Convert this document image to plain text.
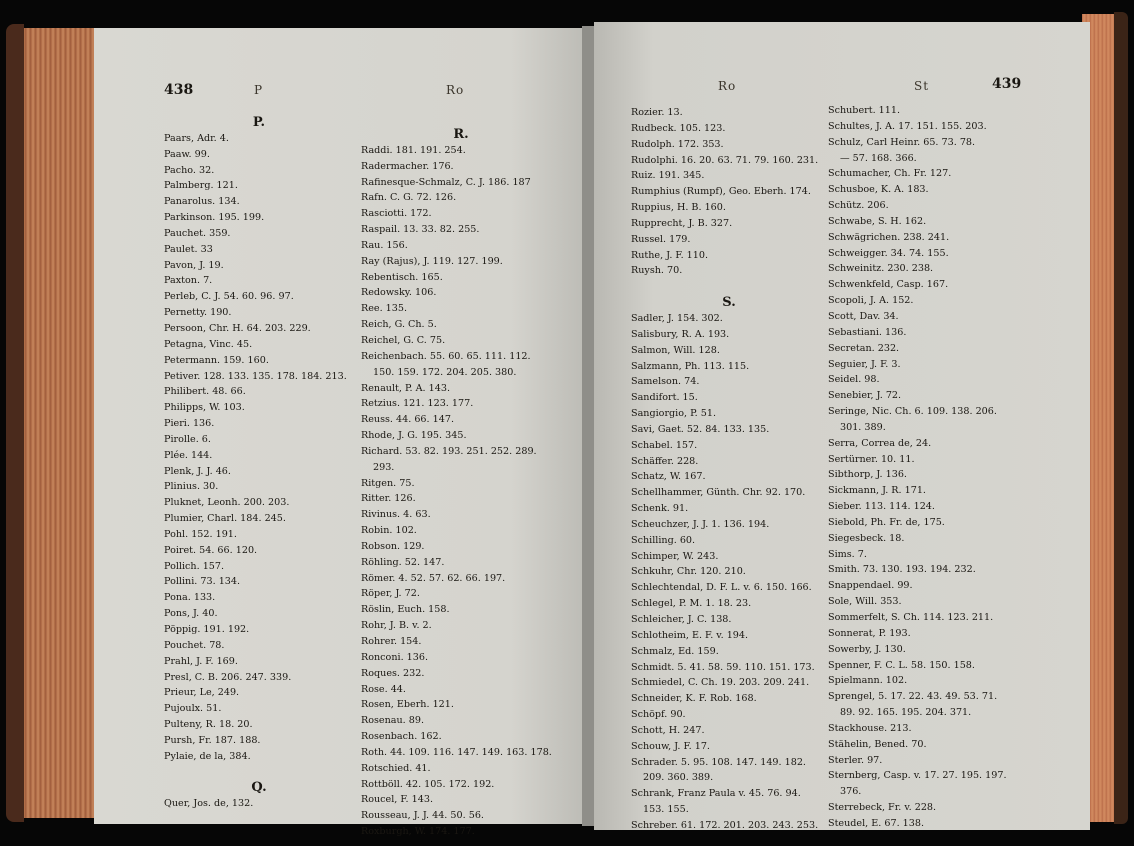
438	P	Ro
P.
Paars, Adr. 4.
Paaw. 99.
Pacho. 32.
Palmberg. 121.
Panarolus. 134.
Parkinson. 195. 199.
Pauchet. 359.
Paulet. 33
Pavon, J. 19.
Paxton. 7.
Perleb, C. J. 54. 60. 96. 97.
Pernetty. 190.
Persoon, Chr. H. 64. 203. 229.
Petagna, Vinc. 45.
Petermann. 159. 160.
Petiver. 128. 133. 135. 178. 184. 213.
Philibert. 48. 66.
Philipps, W. 103.
Pieri. 136.
Pirolle. 6.
Plée. 144.
Plenk, J. J. 46.
Plinius. 30.
Pluknet, Leonh. 200. 203.
Plumier, Charl. 184. 245.
Pohl. 152. 191.
Poiret. 54. 66. 120.
Pollich. 157.
Pollini. 73. 134.
Pona. 133.
Pons, J. 40.
Pöppig. 191. 192.
Pouchet. 78.
Prahl, J. F. 169.
Presl, C. B. 206. 247. 339.
Prieur, Le, 249.
Pujoulx. 51.
Pulteny, R. 18. 20.
Pursh, Fr. 187. 188.
Pylaie, de la, 384.
Q.
Quer, Jos. de, 132.
R.
Raddi. 181. 191. 254.
Radermacher. 176.
Rafinesque-Schmalz, C. J. 186. 187
Rafn. C. G. 72. 126.
Rasciotti. 172.
Raspail. 13. 33. 82. 255.
Rau. 156.
Ray (Rajus), J. 119. 127. 199.
Rebentisch. 165.
Redowsky. 106.
Ree. 135.
Reich, G. Ch. 5.
Reichel, G. C. 75.
Reichenbach. 55. 60. 65. 111. 112.
150. 159. 172. 204. 205. 380.
Renault, P. A. 143.
Retzius. 121. 123. 177.
Reuss. 44. 66. 147.
Rhode, J. G. 195. 345.
Richard. 53. 82. 193. 251. 252. 289.
293.
Ritgen. 75.
Ritter. 126.
Rivinus. 4. 63.
Robin. 102.
Robson. 129.
Röhling. 52. 147.
Römer. 4. 52. 57. 62. 66. 197.
Röper, J. 72.
Röslin, Euch. 158.
Rohr, J. B. v. 2.
Rohrer. 154.
Ronconi. 136.
Roques. 232.
Rose. 44.
Rosen, Eberh. 121.
Rosenau. 89.
Rosenbach. 162.
Roth. 44. 109. 116. 147. 149. 163. 178.
Rotschied. 41.
Rottböll. 42. 105. 172. 192.
Roucel, F. 143.
Rousseau, J. J. 44. 50. 56.
Roxburgh, W. 174. 177.
Ro	St	439
Rozier. 13.
Rudbeck. 105. 123.
Rudolph. 172. 353.
Rudolphi. 16. 20. 63. 71. 79. 160. 231.
Ruiz. 191. 345.
Rumphius (Rumpf), Geo. Eberh. 174.
Ruppius, H. B. 160.
Rupprecht, J. B. 327.
Russel. 179.
Ruthe, J. F. 110.
Ruysh. 70.
S.
Sadler, J. 154. 302.
Salisbury, R. A. 193.
Salmon, Will. 128.
Salzmann, Ph. 113. 115.
Samelson. 74.
Sandifort. 15.
Sangiorgio, P. 51.
Savi, Gaet. 52. 84. 133. 135.
Schabel. 157.
Schäffer. 228.
Schatz, W. 167.
Schellhammer, Günth. Chr. 92. 170.
Schenk. 91.
Scheuchzer, J. J. 1. 136. 194.
Schilling. 60.
Schimper, W. 243.
Schkuhr, Chr. 120. 210.
Schlechtendal, D. F. L. v. 6. 150. 166.
Schlegel, P. M. 1. 18. 23.
Schleicher, J. C. 138.
Schlotheim, E. F. v. 194.
Schmalz, Ed. 159.
Schmidt. 5. 41. 58. 59. 110. 151. 173.
Schmiedel, C. Ch. 19. 203. 209. 241.
Schneider, K. F. Rob. 168.
Schöpf. 90.
Schott, H. 247.
Schouw, J. F. 17.
Schrader. 5. 95. 108. 147. 149. 182.
209. 360. 389.
Schrank, Franz Paula v. 45. 76. 94.
153. 155.
Schreber. 61. 172. 201. 203. 243. 253.
Schubert. 111.
Schultes, J. A. 17. 151. 155. 203.
Schulz, Carl Heinr. 65. 73. 78.
— 57. 168. 366.
Schumacher, Ch. Fr. 127.
Schusboe, K. A. 183.
Schütz. 206.
Schwabe, S. H. 162.
Schwägrichen. 238. 241.
Schweigger. 34. 74. 155.
Schweinitz. 230. 238.
Schwenkfeld, Casp. 167.
Scopoli, J. A. 152.
Scott, Dav. 34.
Sebastiani. 136.
Secretan. 232.
Seguier, J. F. 3.
Seidel. 98.
Senebier, J. 72.
Seringe, Nic. Ch. 6. 109. 138. 206.
301. 389.
Serra, Correa de, 24.
Sertürner. 10. 11.
Sibthorp, J. 136.
Sickmann, J. R. 171.
Sieber. 113. 114. 124.
Siebold, Ph. Fr. de, 175.
Siegesbeck. 18.
Sims. 7.
Smith. 73. 130. 193. 194. 232.
Snappendael. 99.
Sole, Will. 353.
Sommerfelt, S. Ch. 114. 123. 211.
Sonnerat, P. 193.
Sowerby, J. 130.
Spenner, F. C. L. 58. 150. 158.
Spielmann. 102.
Sprengel, 5. 17. 22. 43. 49. 53. 71.
89. 92. 165. 195. 204. 371.
Stackhouse. 213.
Stähelin, Bened. 70.
Sterler. 97.
Sternberg, Casp. v. 17. 27. 195. 197.
376.
Sterrebeck, Fr. v. 228.
Steudel, E. 67. 138.
